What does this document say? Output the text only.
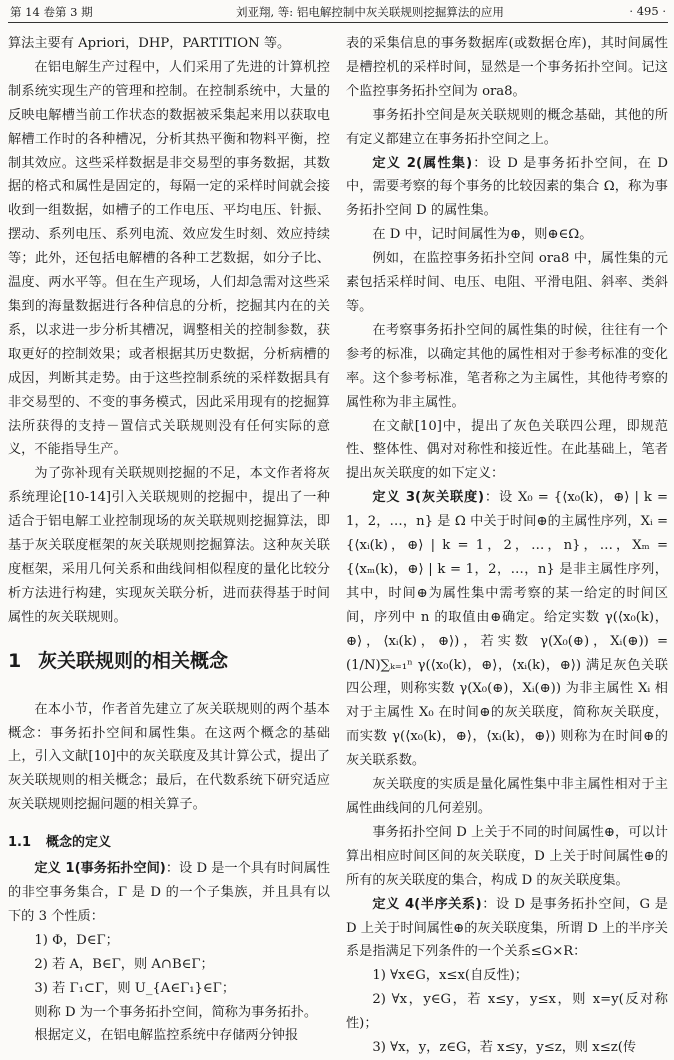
第 14 卷第 3 期	刘亚翔, 等: 铝电解控制中灰关联规则挖掘算法的应用	· 495 ·

算法主要有 Apriori，DHP，PARTITION 等。

在铝电解生产过程中，人们采用了先进的计算机控制系统实现生产的管理和控制。在控制系统中，大量的反映电解槽当前工作状态的数据被采集起来用以获取电解槽工作时的各种槽况，分析其热平衡和物料平衡，控制其效应。这些采样数据是非交易型的事务数据，其数据的格式和属性是固定的，每隔一定的采样时间就会接收到一组数据，如槽子的工作电压、平均电压、针振、摆动、系列电压、系列电流、效应发生时刻、效应持续等；此外，还包括电解槽的各种工艺数据，如分子比、温度、两水平等。但在生产现场，人们却急需对这些采集到的海量数据进行各种信息的分析，挖掘其内在的关系，以求进一步分析其槽况，调整相关的控制参数，获取更好的控制效果；或者根据其历史数据，分析病槽的成因，判断其走势。由于这些控制系统的采样数据具有非交易型的、不变的事务模式，因此采用现有的挖掘算法所获得的支持－置信式关联规则没有任何实际的意义，不能指导生产。

为了弥补现有关联规则挖掘的不足，本文作者将灰系统理论[10-14]引入关联规则的挖掘中，提出了一种适合于铝电解工业控制现场的灰关联规则挖掘算法，即基于灰关联度框架的灰关联规则挖掘算法。这种灰关联度框架，采用几何关系和曲线间相似程度的量化比较分析方法进行构建，实现灰关联分析，进而获得基于时间属性的灰关联规则。

1 灰关联规则的相关概念

在本小节，作者首先建立了灰关联规则的两个基本概念：事务拓扑空间和属性集。在这两个概念的基础上，引入文献[10]中的灰关联度及其计算公式，提出了灰关联规则的相关概念；最后，在代数系统下研究适应灰关联规则挖掘问题的相关算子。

1.1 概念的定义

定义 1(事务拓扑空间)：设 D 是一个具有时间属性的非空事务集合，Γ 是 D 的一个子集族，并且具有以下的 3 个性质：

1) Φ，D∈Γ；

2) 若 A，B∈Γ，则 A∩B∈Γ；

3) 若 Γ₁⊂Γ，则 U_{A∈Γ₁}∈Γ；

则称 D 为一个事务拓扑空间，简称为事务拓扑。

根据定义，在铝电解监控系统中存储两分钟报

表的采集信息的事务数据库(或数据仓库)，其时间属性是槽控机的采样时间，显然是一个事务拓扑空间。记这个监控事务拓扑空间为 ora8。

事务拓扑空间是灰关联规则的概念基础，其他的所有定义都建立在事务拓扑空间之上。

定义 2(属性集)：设 D 是事务拓扑空间，在 D 中，需要考察的每个事务的比较因素的集合 Ω，称为事务拓扑空间 D 的属性集。

在 D 中，记时间属性为⊕，则⊕∈Ω。

例如，在监控事务拓扑空间 ora8 中，属性集的元素包括采样时间、电压、电阻、平滑电阻、斜率、类斜等。

在考察事务拓扑空间的属性集的时候，往往有一个参考的标准，以确定其他的属性相对于参考标准的变化率。这个参考标准，笔者称之为主属性，其他待考察的属性称为非主属性。

在文献[10]中，提出了灰色关联四公理，即规范性、整体性、偶对对称性和接近性。在此基础上，笔者提出灰关联度的如下定义：

定义 3(灰关联度)：设 X₀ = {⟨x₀(k)，⊕⟩ | k = 1，2，…，n} 是 Ω 中关于时间⊕的主属性序列，Xᵢ = {⟨xᵢ(k)，⊕⟩ | k = 1，2，…，n}，…，Xₘ = {⟨xₘ(k)，⊕⟩ | k = 1，2，…，n} 是非主属性序列，其中，时间⊕为属性集中需考察的某一给定的时间区间，序列中 n 的取值由⊕确定。给定实数 γ(⟨x₀(k)，⊕⟩，⟨xᵢ(k)，⊕⟩)，若实数 γ(X₀(⊕)，Xᵢ(⊕)) = (1/N)∑ₖ₌₁ⁿ γ(⟨x₀(k)，⊕⟩，⟨xᵢ(k)，⊕⟩) 满足灰色关联四公理，则称实数 γ(X₀(⊕)，Xᵢ(⊕)) 为非主属性 Xᵢ 相对于主属性 X₀ 在时间⊕的灰关联度，简称灰关联度，而实数 γ(⟨x₀(k)，⊕⟩，⟨xᵢ(k)，⊕⟩) 则称为在时间⊕的灰关联系数。

灰关联度的实质是量化属性集中非主属性相对于主属性曲线间的几何差别。

事务拓扑空间 D 上关于不同的时间属性⊕，可以计算出相应时间区间的灰关联度，D 上关于时间属性⊕的所有的灰关联度的集合，构成 D 的灰关联度集。

定义 4(半序关系)：设 D 是事务拓扑空间，G 是 D 上关于时间属性⊕的灰关联度集，所谓 D 上的半序关系是指满足下列条件的一个关系≤G×R：

1) ∀x∈G，x≤x(自反性)；

2) ∀x，y∈G，若 x≤y，y≤x，则 x=y(反对称性)；

3) ∀x，y，z∈G，若 x≤y，y≤z，则 x≤z(传
